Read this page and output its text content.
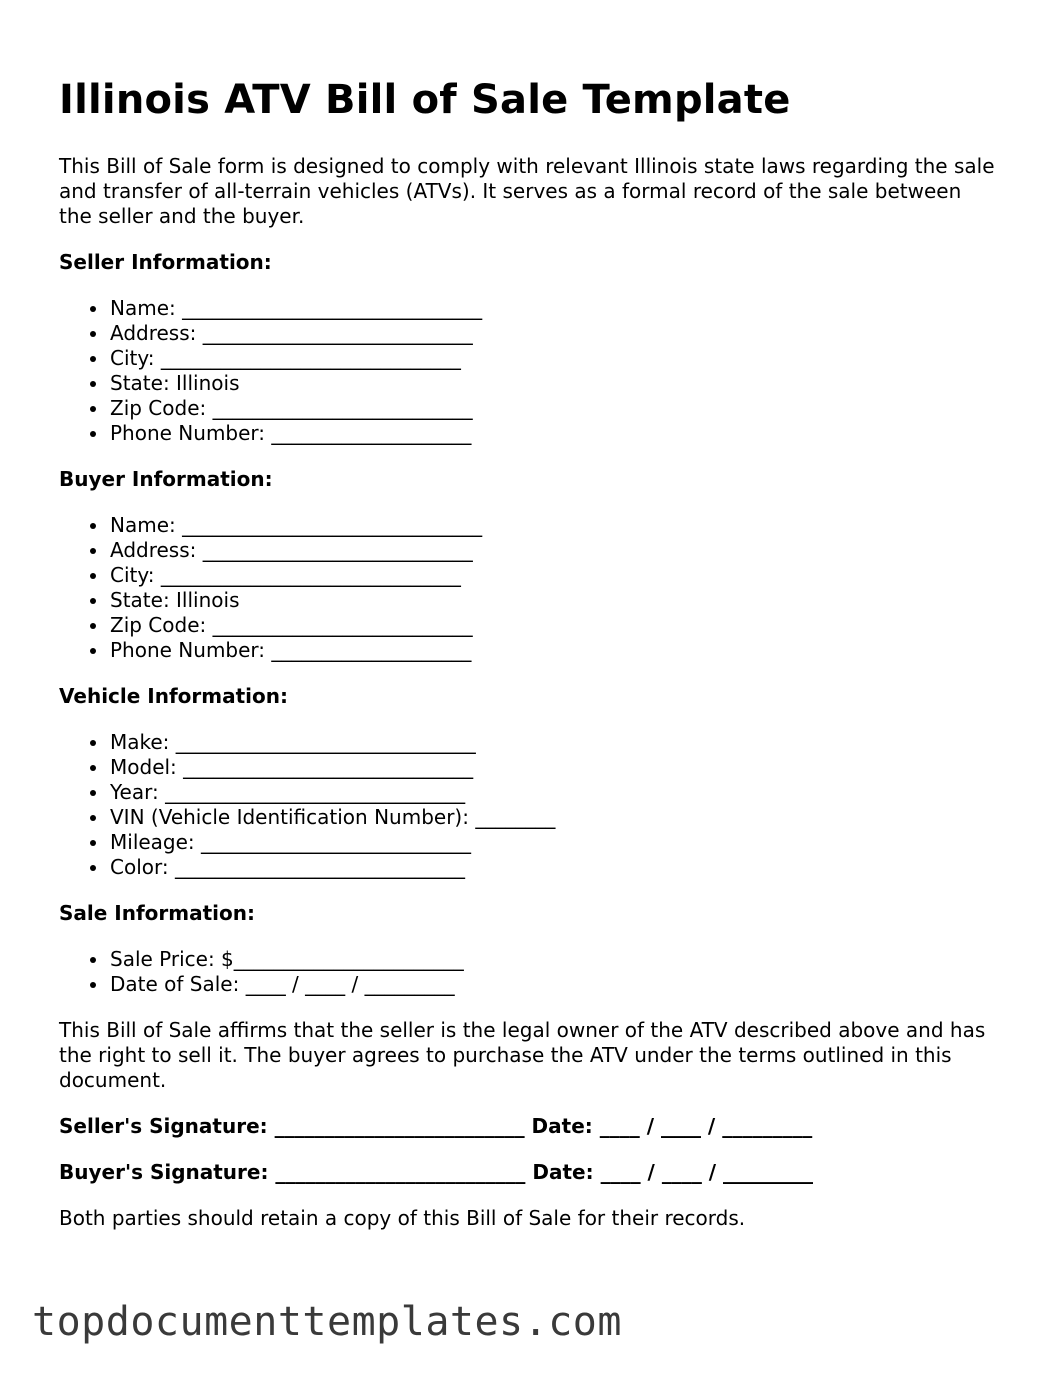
Illinois ATV Bill of Sale Template

This Bill of Sale form is designed to comply with relevant Illinois state laws regarding the sale and transfer of all-terrain vehicles (ATVs). It serves as a formal record of the sale between the seller and the buyer.

Seller Information:
Name: ______________________________
Address: ___________________________
City: ______________________________
State: Illinois
Zip Code: __________________________
Phone Number: ____________________
Buyer Information:
Name: ______________________________
Address: ___________________________
City: ______________________________
State: Illinois
Zip Code: __________________________
Phone Number: ____________________
Vehicle Information:
Make: ______________________________
Model: _____________________________
Year: ______________________________
VIN (Vehicle Identification Number): ________
Mileage: ___________________________
Color: _____________________________
Sale Information:
Sale Price: $_______________________
Date of Sale: ____ / ____ / _________

This Bill of Sale affirms that the seller is the legal owner of the ATV described above and has the right to sell it. The buyer agrees to purchase the ATV under the terms outlined in this document.

Seller's Signature: _________________________ Date: ____ / ____ / _________
Buyer's Signature: _________________________ Date: ____ / ____ / _________

Both parties should retain a copy of this Bill of Sale for their records.

topdocumenttemplates.com
